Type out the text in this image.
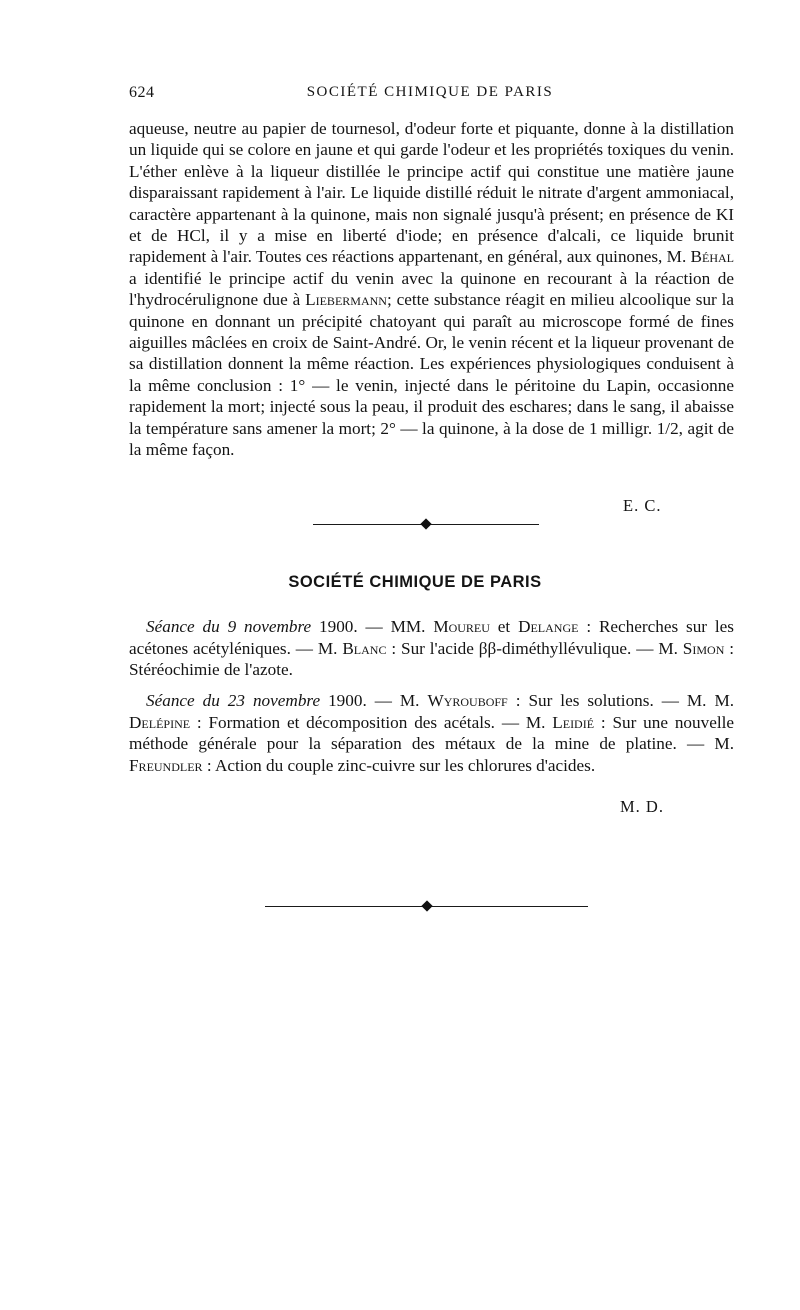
624	SOCIÉTÉ CHIMIQUE DE PARIS
aqueuse, neutre au papier de tournesol, d'odeur forte et piquante, donne à la distillation un liquide qui se colore en jaune et qui garde l'odeur et les propriétés toxiques du venin. L'éther enlève à la liqueur distillée le principe actif qui constitue une matière jaune disparaissant rapidement à l'air. Le liquide distillé réduit le nitrate d'argent ammoniacal, caractère appartenant à la quinone, mais non signalé jusqu'à présent; en présence de KI et de HCl, il y a mise en liberté d'iode; en présence d'alcali, ce liquide brunit rapidement à l'air. Toutes ces réactions appartenant, en général, aux quinones, M. Béhal a identifié le principe actif du venin avec la quinone en recourant à la réaction de l'hydrocérulignone due à Liebermann; cette substance réagit en milieu alcoolique sur la quinone en donnant un précipité chatoyant qui paraît au microscope formé de fines aiguilles mâclées en croix de Saint-André. Or, le venin récent et la liqueur provenant de sa distillation donnent la même réaction. Les expériences physiologiques conduisent à la même conclusion : 1° — le venin, injecté dans le péritoine du Lapin, occasionne rapidement la mort; injecté sous la peau, il produit des eschares; dans le sang, il abaisse la température sans amener la mort; 2° — la quinone, à la dose de 1 milligr. 1/2, agit de la même façon.
E. C.
SOCIÉTÉ CHIMIQUE DE PARIS
Séance du 9 novembre 1900. — MM. Moureu et Delange : Recherches sur les acétones acétyléniques. — M. Blanc : Sur l'acide ββ-diméthyllévulique. — M. Simon : Stéréochimie de l'azote.
Séance du 23 novembre 1900. — M. Wyrouboff : Sur les solutions. — M. M. Delépine : Formation et décomposition des acétals. — M. Leidié : Sur une nouvelle méthode générale pour la séparation des métaux de la mine de platine. — M. Freundler : Action du couple zinc-cuivre sur les chlorures d'acides.
M. D.
